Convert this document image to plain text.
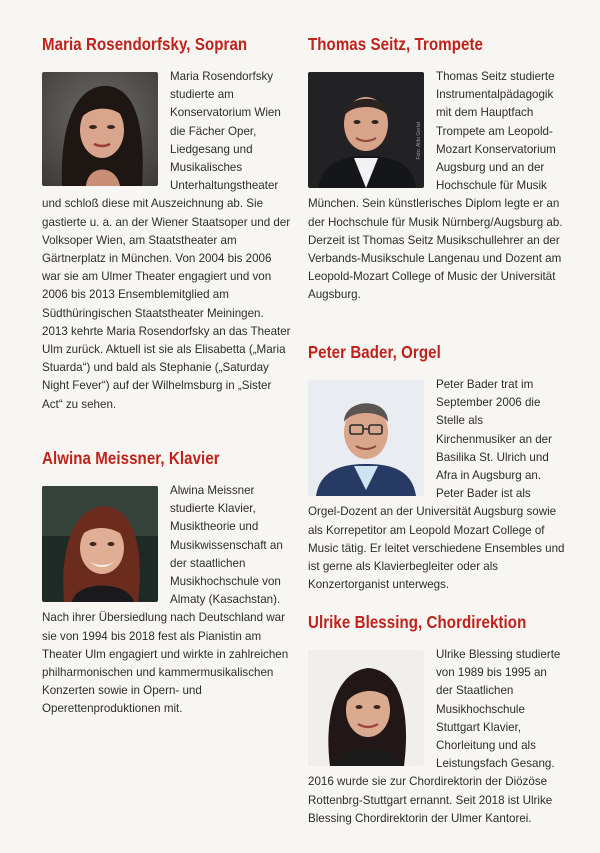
Maria Rosendorfsky, Sopran

Maria Rosendorfsky studierte am Konservatorium Wien die Fächer Oper, Liedgesang und Musikalisches Unterhaltungstheater und schloß diese mit Auszeichnung ab. Sie gastierte u. a. an der Wiener Staatsoper und der Volksoper Wien, am Staatstheater am Gärtnerplatz in München. Von 2004 bis 2006 war sie am Ulmer Theater engagiert und von 2006 bis 2013 Ensemblemitglied am Südthüringischen Staatstheater Meiningen. 2013 kehrte Maria Rosendorfsky an das Theater Ulm zurück. Aktuell ist sie als Elisabetta („Maria Stuarda“) und bald als Stephanie („Saturday Night Fever“) auf der Wilhelmsburg in „Sister Act“ zu sehen.

Alwina Meissner, Klavier

Alwina Meissner studierte Klavier, Musiktheorie und Musikwissenschaft an der staatlichen Musikhochschule von Almaty (Kasachstan). Nach ihrer Übersiedlung nach Deutschland war sie von 1994 bis 2018 fest als Pianistin am Theater Ulm engagiert und wirkte in zahlreichen philharmonischen und kammermusikalischen Konzerten sowie in Opern- und Operettenproduktionen mit.

Thomas Seitz, Trompete
Foto: Aldo Gerlat

Thomas Seitz studierte Instrumentalpädagogik mit dem Hauptfach Trompete am Leopold-Mozart Konservatorium Augsburg und an der Hochschule für Musik München. Sein künstlerisches Diplom legte er an der Hochschule für Musik Nürnberg/Augsburg ab. Derzeit ist Thomas Seitz Musikschullehrer an der Verbands-Musikschule Langenau und Dozent am Leopold-Mozart College of Music der Universität Augsburg.

Peter Bader, Orgel

Peter Bader trat im September 2006 die Stelle als Kirchenmusiker an der Basilika St. Ulrich und Afra in Augsburg an. Peter Bader ist als Orgel-Dozent an der Universität Augsburg sowie als Korrepetitor am Leopold Mozart College of Music tätig. Er leitet verschiedene Ensembles und ist gerne als Klavierbegleiter oder als Konzertorganist unterwegs.

Ulrike Blessing, Chordirektion

Ulrike Blessing studierte von 1989 bis 1995 an der Staatlichen Musikhochschule Stuttgart Klavier, Chorleitung und als Leistungsfach Gesang. 2016 wurde sie zur Chordirektorin der Diözöse Rottenbrg-Stuttgart ernannt. Seit 2018 ist Ulrike Blessing Chordirektorin der Ulmer Kantorei.
